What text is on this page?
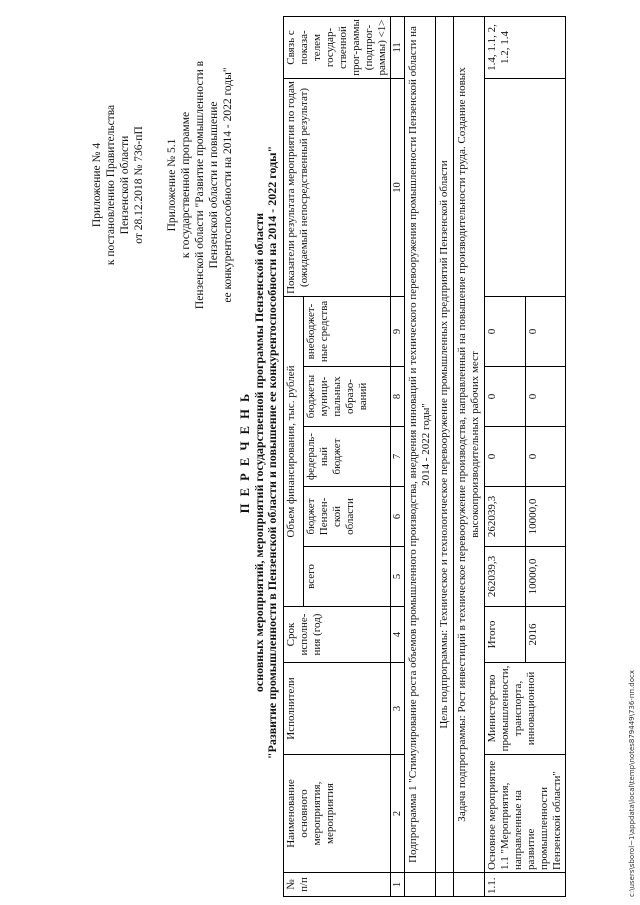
Приложение № 4 к постановлению Правительства Пензенской области от 28.12.2018 № 736-пП Приложение № 5.1 к государственной программе Пензенской области "Развитие промышленности в Пензенской области и повышение ее конкурентоспособности на 2014 - 2022 годы"
П Е Р Е Ч Е Н Ь основных мероприятий, мероприятий государственной программы Пензенской области "Развитие промышленности в Пензенской области и повышение ее конкурентоспособности на 2014 - 2022 годы"
№ п/п	Наименование основного мероприятия, мероприятия	Исполнители	Срок исполне-ния (год)	Объем финансирования, тыс. рублей					Показатели результата мероприятия по годам (ожидаемый непосредственный результат)	Связь с показа-телем государ-ственной прог-раммы (подпрог-раммы) <1>
				всего	бюджет Пензен-ской области	федераль-ный бюджет	бюджеты муници-пальных образо-ваний	внебюджет-ные средства		
1	2	3	4	5	6	7	8	9	10	11
	Подпрограмма 1 "Стимулирование роста объемов промышленного производства, внедрения инноваций и технического перевооружения промышленности Пензенской области на 2014 - 2022 годы"									
	Цель подпрограммы: Техническое и технологическое перевооружение промышленных предприятий Пензенской области									
	Задача подпрограммы: Рост инвестиций в техническое перевооружение производства, направленный на повышение производительности труда. Создание новых высокопроизводительных рабочих мест									
1.1.	Основное мероприятие 1.1 "Мероприятия, направленные на развитие промышленности Пензенской области"	Министерство промышленности, транспорта, инновационной	Итого	262039,3	262039,3	0	0	0		1.4, 1.1, 2, 1.2, 1.4
			2016	10000,0	10000,0	0	0	0		
c:\users\sborol~1\appdata\local\temp\notes879449\736-пп.docx
